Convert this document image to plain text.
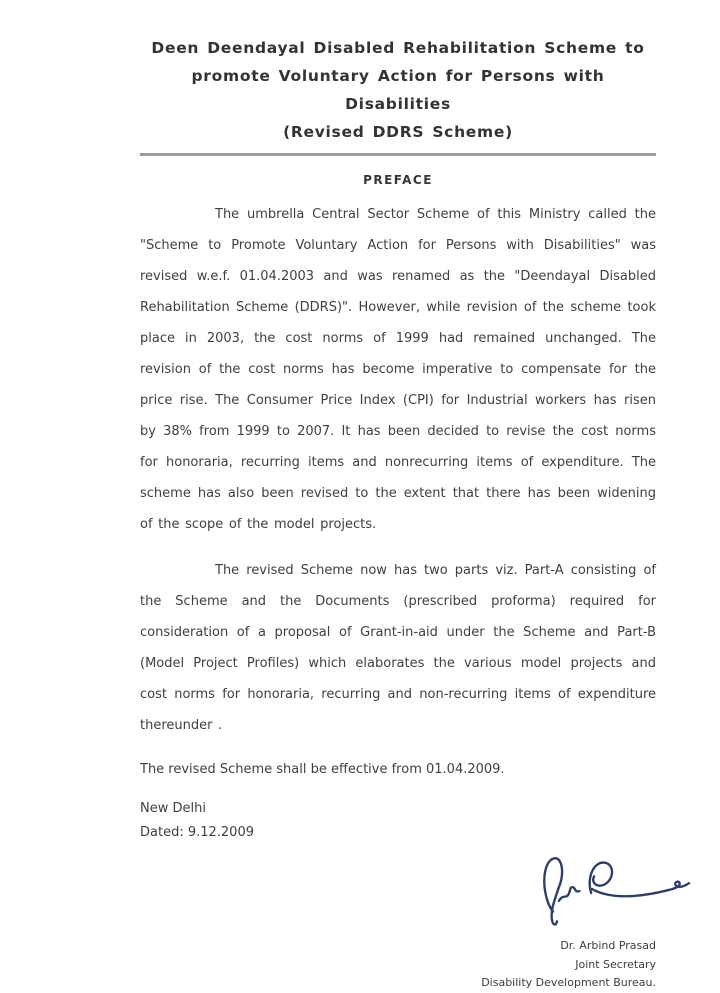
Deen Deendayal Disabled Rehabilitation Scheme to
promote Voluntary Action for Persons with Disabilities
(Revised DDRS Scheme)
PREFACE

The umbrella Central Sector Scheme of this Ministry called the "Scheme to Promote Voluntary Action for Persons with Disabilities" was revised w.e.f. 01.04.2003 and was renamed as the "Deendayal Disabled Rehabilitation Scheme (DDRS)". However, while revision of the scheme took place in 2003, the cost norms of 1999 had remained unchanged. The revision of the cost norms has become imperative to compensate for the price rise. The Consumer Price Index (CPI) for Industrial workers has risen by 38% from 1999 to 2007. It has been decided to revise the cost norms for honoraria, recurring items and nonrecurring items of expenditure. The scheme has also been revised to the extent that there has been widening of the scope of the model projects.

The revised Scheme now has two parts viz. Part-A consisting of the Scheme and the Documents (prescribed proforma) required for consideration of a proposal of Grant-in-aid under the Scheme and Part-B (Model Project Profiles) which elaborates the various model projects and cost norms for honoraria, recurring and non-recurring items of expenditure thereunder .

The revised Scheme shall be effective from 01.04.2009.
New Delhi
Dated: 9.12.2009
Dr. Arbind Prasad
Joint Secretary
Disability Development Bureau.
